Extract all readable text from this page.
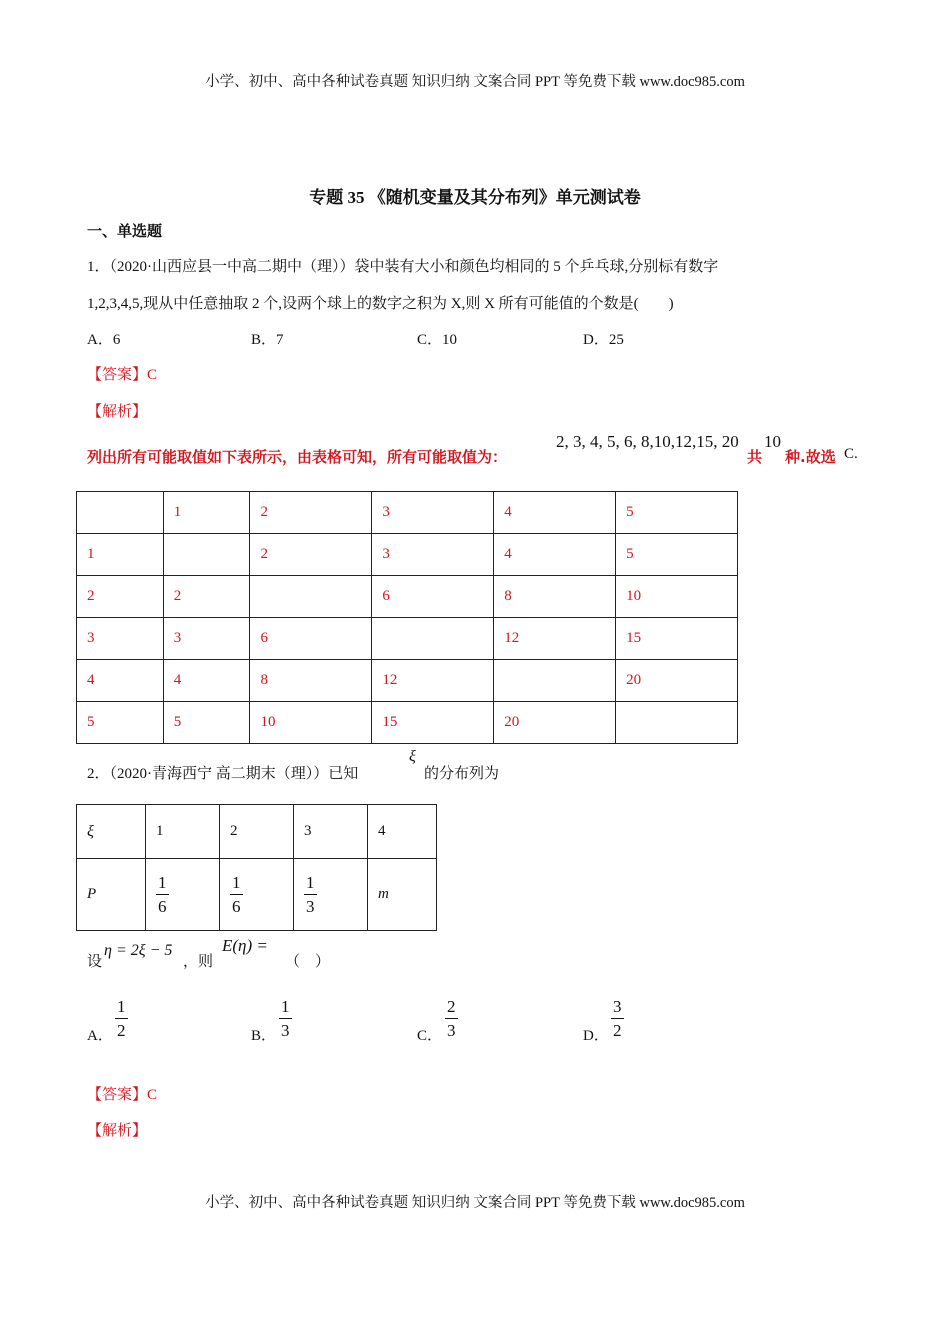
小学、初中、高中各种试卷真题 知识归纳 文案合同 PPT 等免费下载 www.doc985.com
专题 35 《随机变量及其分布列》单元测试卷
一、单选题
1．（2020·山西应县一中高二期中（理））袋中装有大小和颜色均相同的 5 个乒乓球,分别标有数字
1,2,3,4,5,现从中任意抽取 2 个,设两个球上的数字之积为 X,则 X 所有可能值的个数是(　　)
A．6	B．7	C．10	D．25
【答案】C
【解析】
列出所有可能取值如下表所示，由表格可知，所有可能取值为：
2, 3, 4, 5, 6, 8,10,12,15, 20
共
10
种.故选 C.
	1	2	3	4	5
1		2	3	4	5
2	2		6	8	10
3	3	6		12	15
4	4	8	12		20
5	5	10	15	20	
2．（2020·青海西宁 高二期末（理））已知
ξ
的分布列为
ξ	1	2	3	4
P	$\frac{1}{6}$	$\frac{1}{6}$	$\frac{1}{3}$	m
设
η = 2ξ − 5
，则
E(η) =
（　）
A． $\frac{1}{2}$	B． $\frac{1}{3}$	C． $\frac{2}{3}$	D． $\frac{3}{2}$
【答案】C
【解析】
小学、初中、高中各种试卷真题 知识归纳 文案合同 PPT 等免费下载 www.doc985.com
